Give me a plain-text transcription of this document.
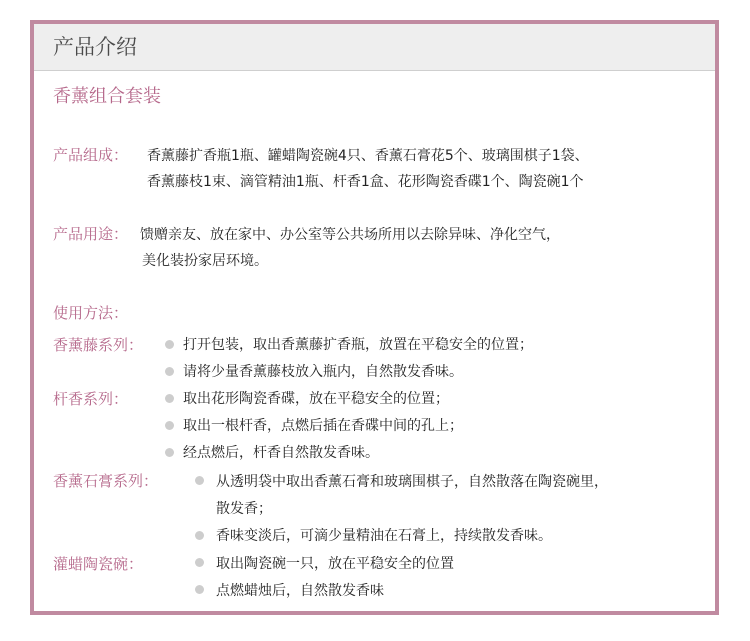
产品介绍
香薰组合套装
产品组成： 香薰藤扩香瓶1瓶、罐蜡陶瓷碗4只、香薰石膏花5个、玻璃围棋子1袋、
香薰藤枝1束、滴管精油1瓶、杆香1盒、花形陶瓷香碟1个、陶瓷碗1个
产品用途： 馈赠亲友、放在家中、办公室等公共场所用以去除异味、净化空气，
美化装扮家居环境。
使用方法：
香薰藤系列：	打开包装，取出香薰藤扩香瓶，放置在平稳安全的位置；
请将少量香薰藤枝放入瓶内，自然散发香味。
杆香系列：	取出花形陶瓷香碟，放在平稳安全的位置；
取出一根杆香，点燃后插在香碟中间的孔上；
经点燃后，杆香自然散发香味。
香薰石膏系列：	从透明袋中取出香薰石膏和玻璃围棋子，自然散落在陶瓷碗里，
散发香；
香味变淡后，可滴少量精油在石膏上，持续散发香味。
灌蜡陶瓷碗：	取出陶瓷碗一只，放在平稳安全的位置
点燃蜡烛后，自然散发香味
